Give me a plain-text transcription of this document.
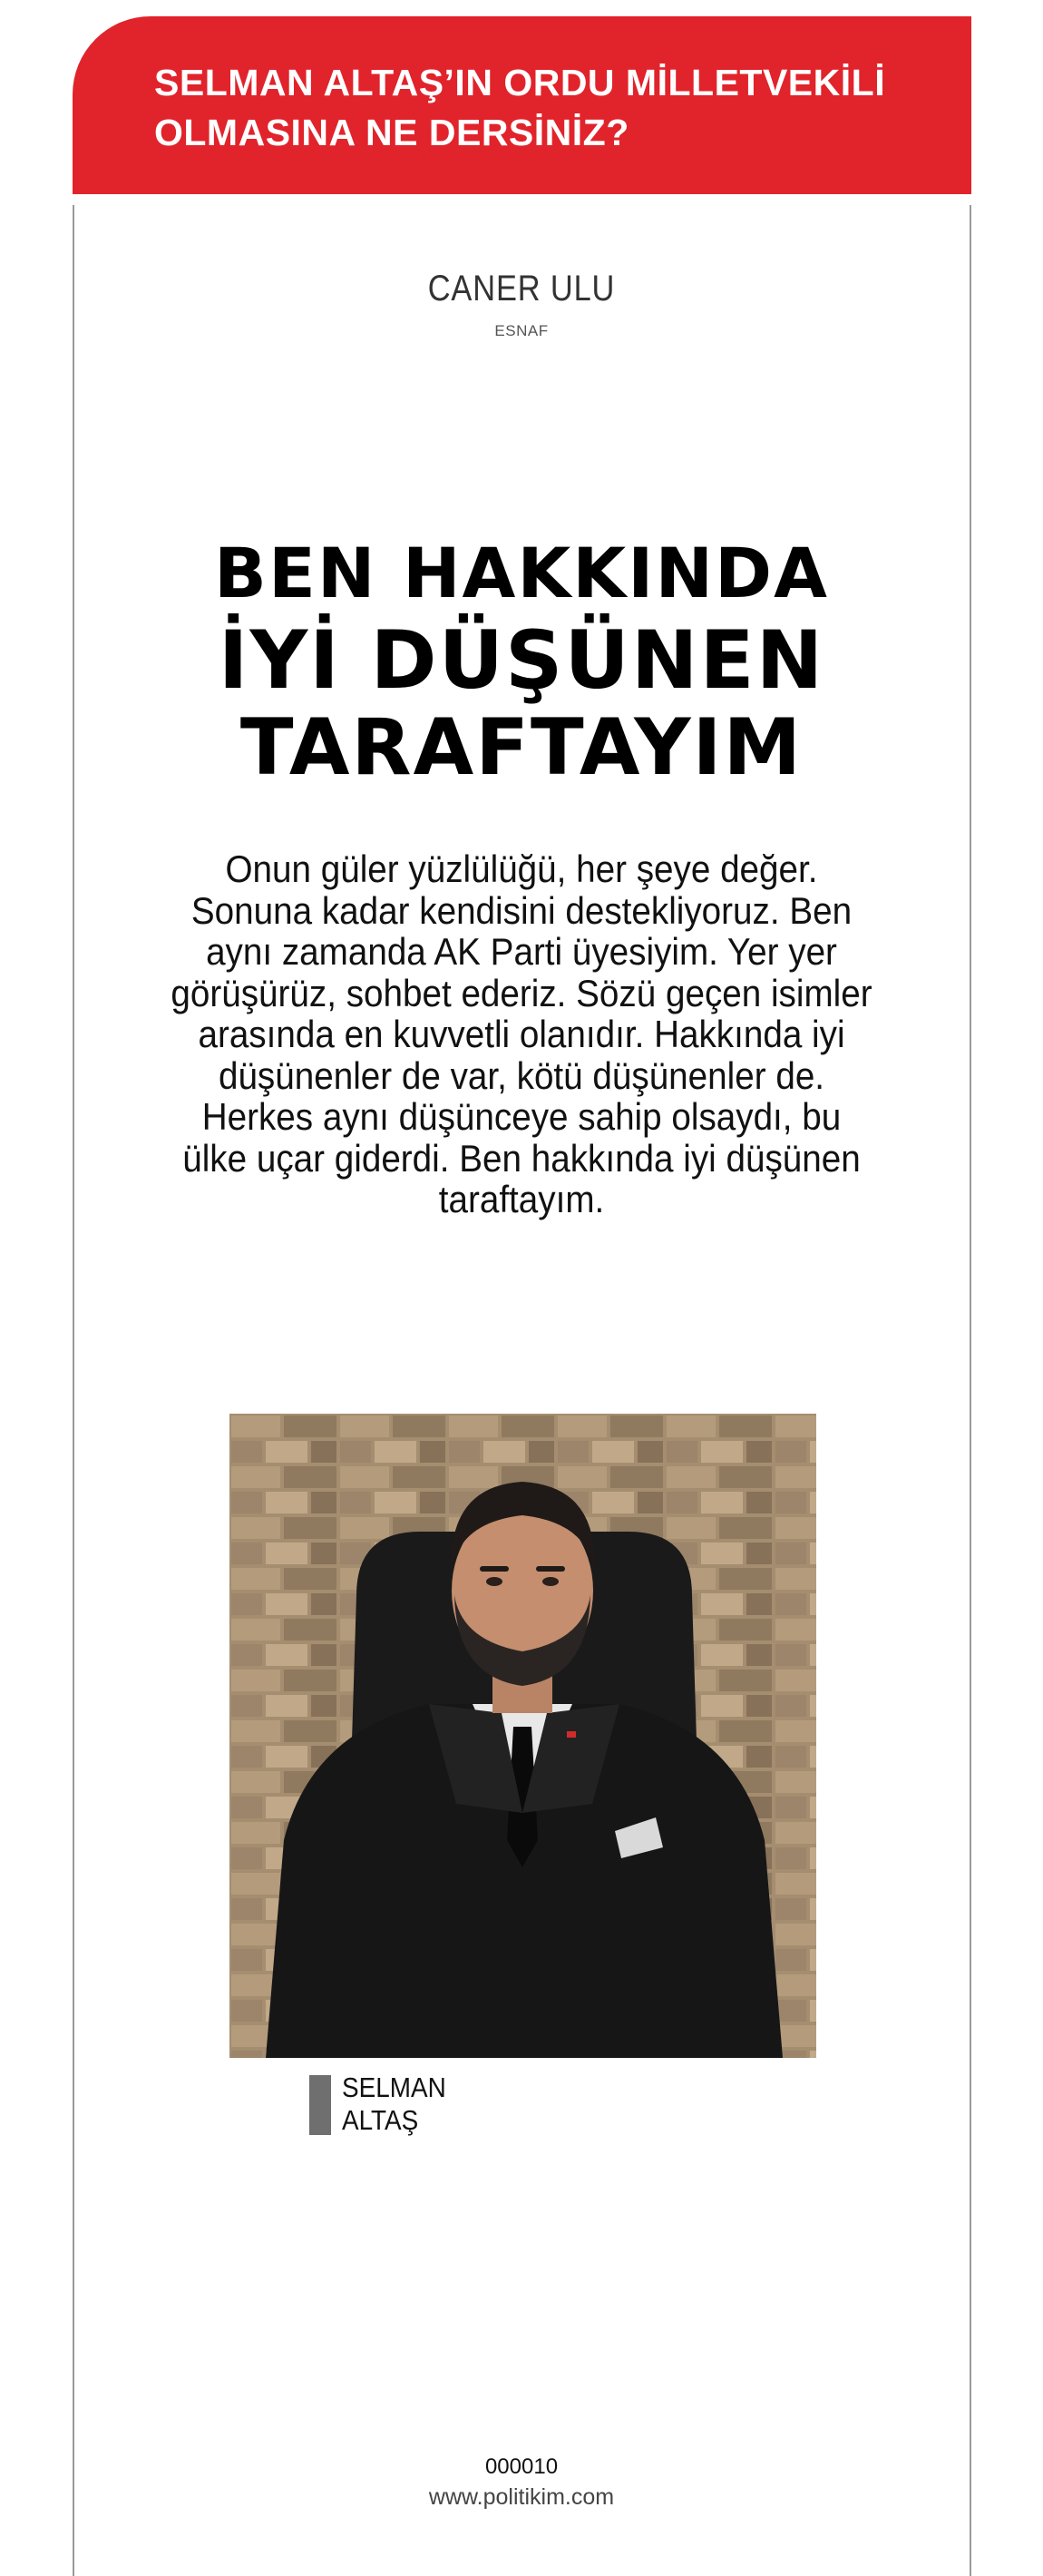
SELMAN ALTAŞ’IN ORDU MİLLETVEKİLİ
OLMASINA NE DERSİNİZ?
CANER ULU
ESNAF
BEN HAKKINDA
İYİ DÜŞÜNEN
TARAFTAYIM

Onun güler yüzlülüğü, her şeye değer. Sonuna kadar kendisini destekliyoruz. Ben aynı zamanda AK Parti üyesiyim. Yer yer görüşürüz, sohbet ederiz. Sözü geçen isimler arasında en kuvvetli olanıdır. Hakkında iyi düşünenler de var, kötü düşünenler de. Herkes aynı düşünceye sahip olsaydı, bu ülke uçar giderdi. Ben hakkında iyi düşünen taraftayım.

SELMAN
ALTAŞ
000010
www.politikim.com
